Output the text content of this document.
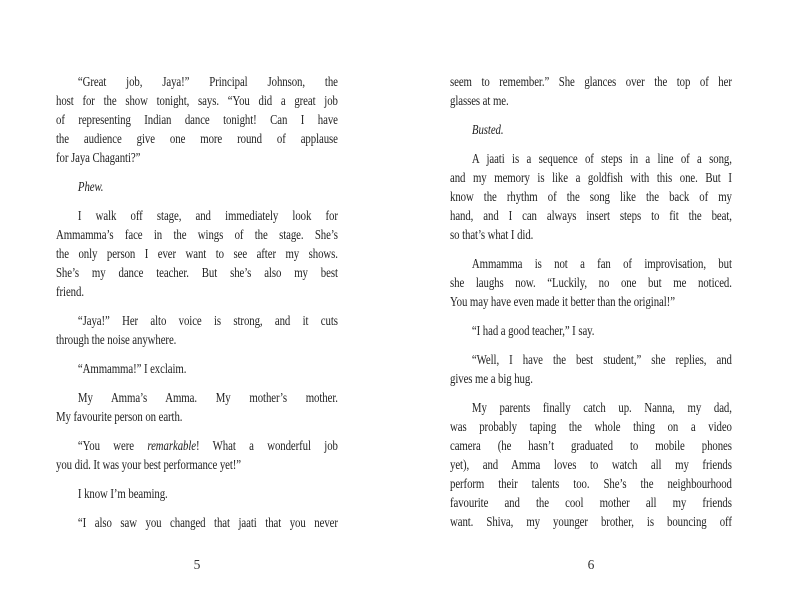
“Great job, Jaya!” Principal Johnson, the
host for the show tonight, says. “You did a great job
of representing Indian dance tonight! Can I have
the audience give one more round of applause
for Jaya Chaganti?”
Phew.
I walk off stage, and immediately look for
Ammamma’s face in the wings of the stage. She’s
the only person I ever want to see after my shows.
She’s my dance teacher. But she’s also my best
friend.
“Jaya!” Her alto voice is strong, and it cuts
through the noise anywhere.
“Ammamma!” I exclaim.
My Amma’s Amma. My mother’s mother.
My favourite person on earth.
“You were remarkable! What a wonderful job
you did. It was your best performance yet!”
I know I’m beaming.
“I also saw you changed that jaati that you never
5
seem to remember.” She glances over the top of her
glasses at me.
Busted.
A jaati is a sequence of steps in a line of a song,
and my memory is like a goldfish with this one. But I
know the rhythm of the song like the back of my
hand, and I can always insert steps to fit the beat,
so that’s what I did.
Ammamma is not a fan of improvisation, but
she laughs now. “Luckily, no one but me noticed.
You may have even made it better than the original!”
“I had a good teacher,” I say.
“Well, I have the best student,” she replies, and
gives me a big hug.
My parents finally catch up. Nanna, my dad,
was probably taping the whole thing on a video
camera (he hasn’t graduated to mobile phones
yet), and Amma loves to watch all my friends
perform their talents too. She’s the neighbourhood
favourite and the cool mother all my friends
want. Shiva, my younger brother, is bouncing off
6
